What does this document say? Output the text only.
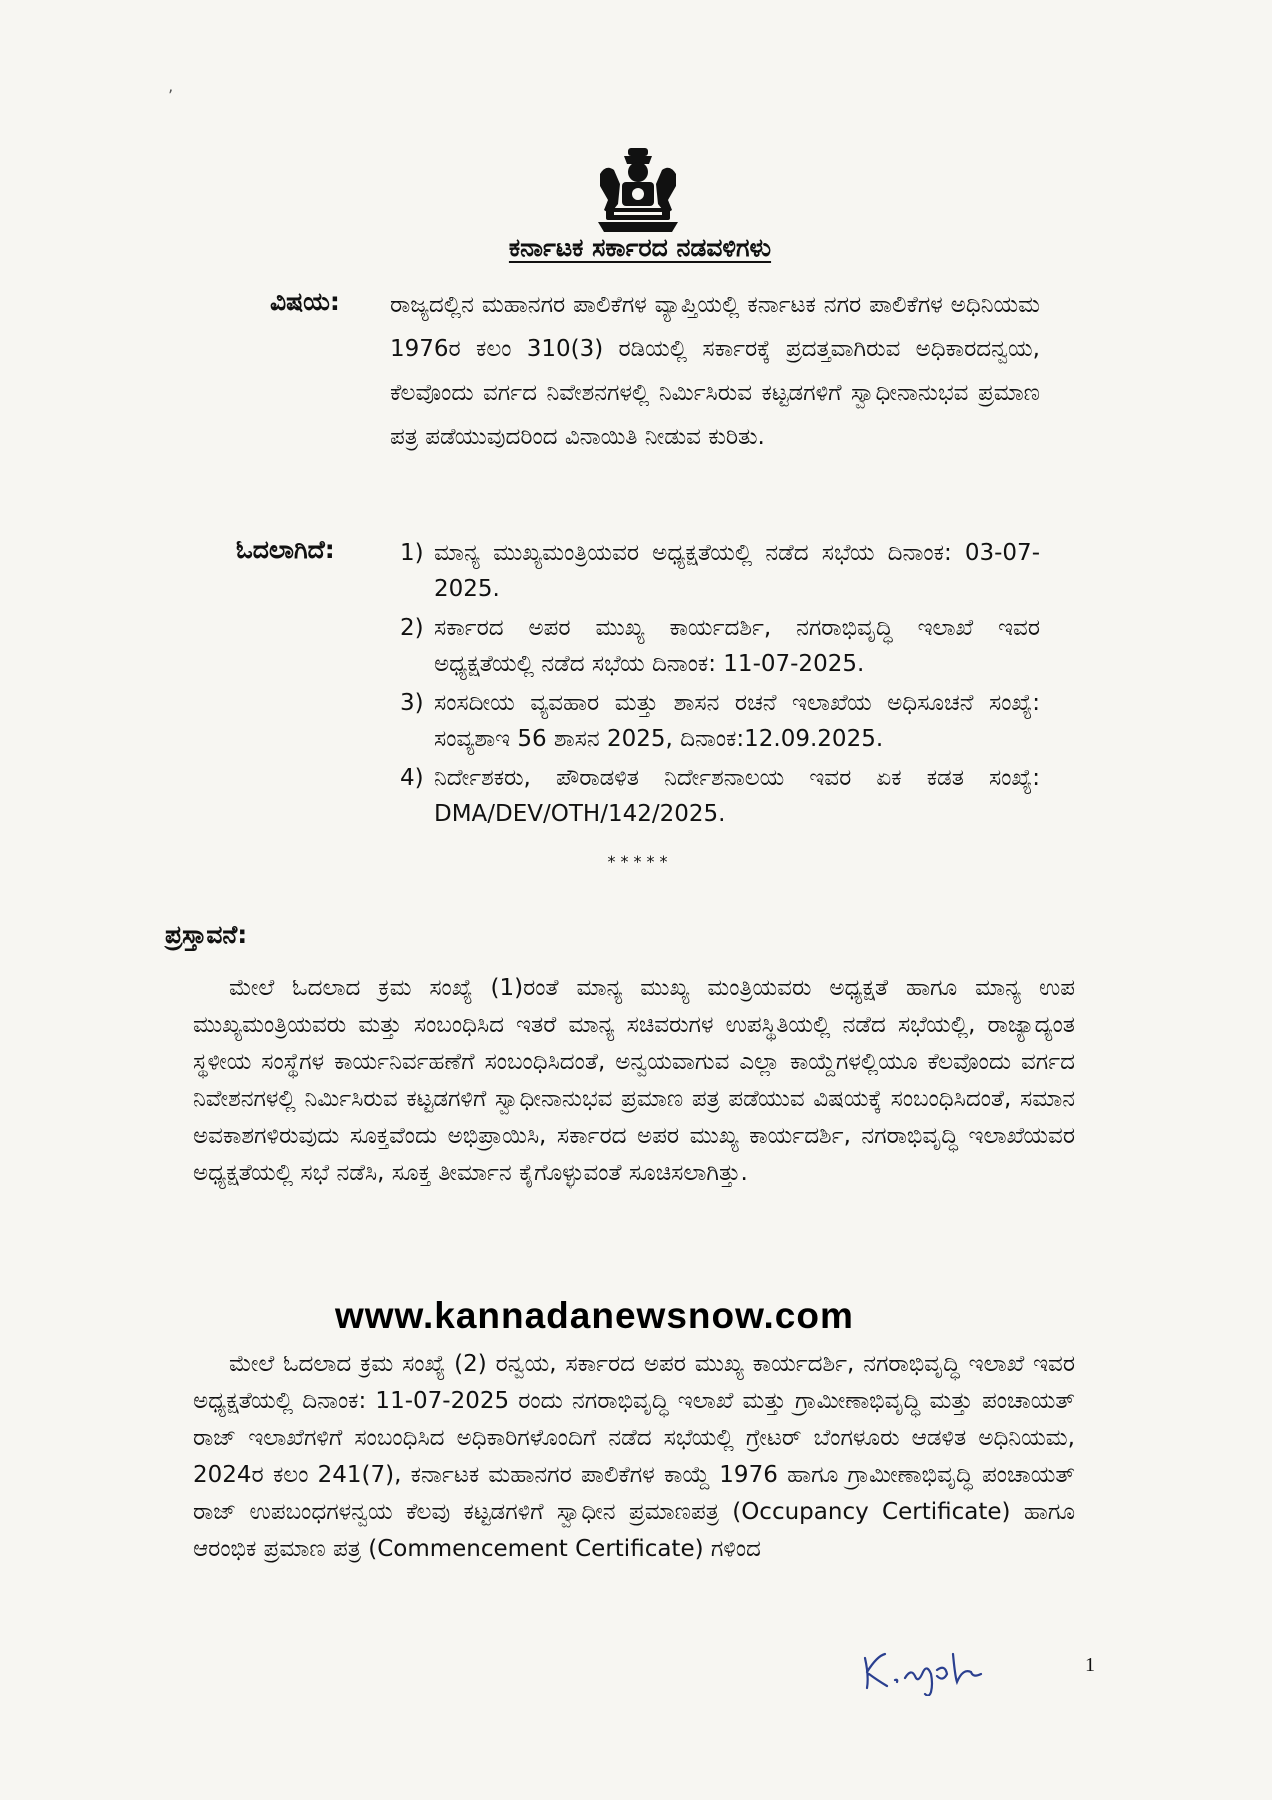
’
ಕರ್ನಾಟಕ ಸರ್ಕಾರದ ನಡವಳಿಗಳು
ವಿಷಯ: ರಾಜ್ಯದಲ್ಲಿನ ಮಹಾನಗರ ಪಾಲಿಕೆಗಳ ವ್ಯಾಪ್ತಿಯಲ್ಲಿ ಕರ್ನಾಟಕ ನಗರ ಪಾಲಿಕೆಗಳ ಅಧಿನಿಯಮ 1976ರ ಕಲಂ 310(3) ರಡಿಯಲ್ಲಿ ಸರ್ಕಾರಕ್ಕೆ ಪ್ರದತ್ತವಾಗಿರುವ ಅಧಿಕಾರದನ್ವಯ, ಕೆಲವೊಂದು ವರ್ಗದ ನಿವೇಶನಗಳಲ್ಲಿ ನಿರ್ಮಿಸಿರುವ ಕಟ್ಟಡಗಳಿಗೆ ಸ್ವಾಧೀನಾನುಭವ ಪ್ರಮಾಣ ಪತ್ರ ಪಡೆಯುವುದರಿಂದ ವಿನಾಯಿತಿ ನೀಡುವ ಕುರಿತು.
ಓದಲಾಗಿದೆ:	1) ಮಾನ್ಯ ಮುಖ್ಯಮಂತ್ರಿಯವರ ಅಧ್ಯಕ್ಷತೆಯಲ್ಲಿ ನಡೆದ ಸಭೆಯ ದಿನಾಂಕ: 03-07-2025.
2) ಸರ್ಕಾರದ ಅಪರ ಮುಖ್ಯ ಕಾರ್ಯದರ್ಶಿ, ನಗರಾಭಿವೃದ್ಧಿ ಇಲಾಖೆ ಇವರ ಅಧ್ಯಕ್ಷತೆಯಲ್ಲಿ ನಡೆದ ಸಭೆಯ ದಿನಾಂಕ: 11-07-2025.
3) ಸಂಸದೀಯ ವ್ಯವಹಾರ ಮತ್ತು ಶಾಸನ ರಚನೆ ಇಲಾಖೆಯ ಅಧಿಸೂಚನೆ ಸಂಖ್ಯೆ: ಸಂವ್ಯಶಾಇ 56 ಶಾಸನ 2025, ದಿನಾಂಕ:12.09.2025.
4) ನಿರ್ದೇಶಕರು, ಪೌರಾಡಳಿತ ನಿರ್ದೇಶನಾಲಯ ಇವರ ಏಕ ಕಡತ ಸಂಖ್ಯೆ: DMA/DEV/OTH/142/2025.
*****
ಪ್ರಸ್ತಾವನೆ:
ಮೇಲೆ ಓದಲಾದ ಕ್ರಮ ಸಂಖ್ಯೆ (1)ರಂತೆ ಮಾನ್ಯ ಮುಖ್ಯ ಮಂತ್ರಿಯವರು ಅಧ್ಯಕ್ಷತೆ ಹಾಗೂ ಮಾನ್ಯ ಉಪ ಮುಖ್ಯಮಂತ್ರಿಯವರು ಮತ್ತು ಸಂಬಂಧಿಸಿದ ಇತರೆ ಮಾನ್ಯ ಸಚಿವರುಗಳ ಉಪಸ್ಥಿತಿಯಲ್ಲಿ ನಡೆದ ಸಭೆಯಲ್ಲಿ, ರಾಜ್ಯಾದ್ಯಂತ ಸ್ಥಳೀಯ ಸಂಸ್ಥೆಗಳ ಕಾರ್ಯನಿರ್ವಹಣೆಗೆ ಸಂಬಂಧಿಸಿದಂತೆ, ಅನ್ವಯವಾಗುವ ಎಲ್ಲಾ ಕಾಯ್ದೆಗಳಲ್ಲಿಯೂ ಕೆಲವೊಂದು ವರ್ಗದ ನಿವೇಶನಗಳಲ್ಲಿ ನಿರ್ಮಿಸಿರುವ ಕಟ್ಟಡಗಳಿಗೆ ಸ್ವಾಧೀನಾನುಭವ ಪ್ರಮಾಣ ಪತ್ರ ಪಡೆಯುವ ವಿಷಯಕ್ಕೆ ಸಂಬಂಧಿಸಿದಂತೆ, ಸಮಾನ ಅವಕಾಶಗಳಿರುವುದು ಸೂಕ್ತವೆಂದು ಅಭಿಪ್ರಾಯಿಸಿ, ಸರ್ಕಾರದ ಅಪರ ಮುಖ್ಯ ಕಾರ್ಯದರ್ಶಿ, ನಗರಾಭಿವೃದ್ಧಿ ಇಲಾಖೆಯವರ ಅಧ್ಯಕ್ಷತೆಯಲ್ಲಿ ಸಭೆ ನಡೆಸಿ, ಸೂಕ್ತ ತೀರ್ಮಾನ ಕೈಗೊಳ್ಳುವಂತೆ ಸೂಚಿಸಲಾಗಿತ್ತು.
www.kannadanewsnow.com
ಮೇಲೆ ಓದಲಾದ ಕ್ರಮ ಸಂಖ್ಯೆ (2) ರನ್ವಯ, ಸರ್ಕಾರದ ಅಪರ ಮುಖ್ಯ ಕಾರ್ಯದರ್ಶಿ, ನಗರಾಭಿವೃದ್ಧಿ ಇಲಾಖೆ ಇವರ ಅಧ್ಯಕ್ಷತೆಯಲ್ಲಿ ದಿನಾಂಕ: 11-07-2025 ರಂದು ನಗರಾಭಿವೃದ್ಧಿ ಇಲಾಖೆ ಮತ್ತು ಗ್ರಾಮೀಣಾಭಿವೃದ್ಧಿ ಮತ್ತು ಪಂಚಾಯತ್ ರಾಜ್ ಇಲಾಖೆಗಳಿಗೆ ಸಂಬಂಧಿಸಿದ ಅಧಿಕಾರಿಗಳೊಂದಿಗೆ ನಡೆದ ಸಭೆಯಲ್ಲಿ ಗ್ರೇಟರ್ ಬೆಂಗಳೂರು ಆಡಳಿತ ಅಧಿನಿಯಮ, 2024ರ ಕಲಂ 241(7), ಕರ್ನಾಟಕ ಮಹಾನಗರ ಪಾಲಿಕೆಗಳ ಕಾಯ್ದೆ 1976 ಹಾಗೂ ಗ್ರಾಮೀಣಾಭಿವೃದ್ಧಿ ಪಂಚಾಯತ್ ರಾಜ್ ಉಪಬಂಧಗಳನ್ವಯ ಕೆಲವು ಕಟ್ಟಡಗಳಿಗೆ ಸ್ವಾಧೀನ ಪ್ರಮಾಣಪತ್ರ (Occupancy Certificate) ಹಾಗೂ ಆರಂಭಿಕ ಪ್ರಮಾಣ ಪತ್ರ (Commencement Certificate) ಗಳಿಂದ
1
